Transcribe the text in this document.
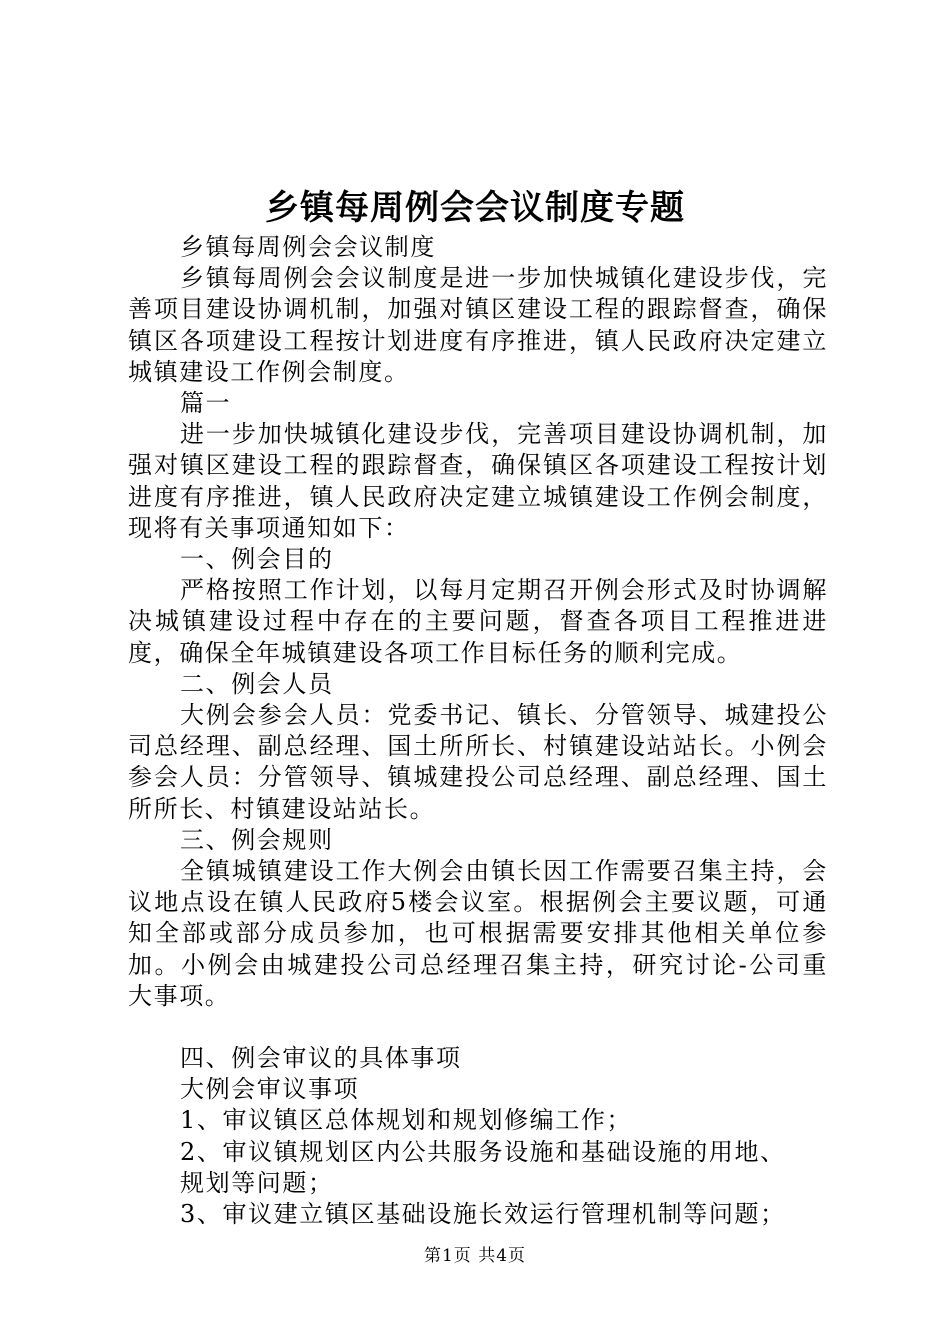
乡镇每周例会会议制度专题

乡镇每周例会会议制度

乡镇每周例会会议制度是进一步加快城镇化建设步伐，完善项目建设协调机制，加强对镇区建设工程的跟踪督查，确保镇区各项建设工程按计划进度有序推进，镇人民政府决定建立城镇建设工作例会制度。

篇一

进一步加快城镇化建设步伐，完善项目建设协调机制，加强对镇区建设工程的跟踪督查，确保镇区各项建设工程按计划进度有序推进，镇人民政府决定建立城镇建设工作例会制度，现将有关事项通知如下：

一、例会目的

严格按照工作计划，以每月定期召开例会形式及时协调解决城镇建设过程中存在的主要问题，督查各项目工程推进进度，确保全年城镇建设各项工作目标任务的顺利完成。

二、例会人员

大例会参会人员：党委书记、镇长、分管领导、城建投公司总经理、副总经理、国土所所长、村镇建设站站长。小例会参会人员：分管领导、镇城建投公司总经理、副总经理、国土所所长、村镇建设站站长。

三、例会规则

全镇城镇建设工作大例会由镇长因工作需要召集主持，会议地点设在镇人民政府5楼会议室。根据例会主要议题，可通知全部或部分成员参加，也可根据需要安排其他相关单位参加。小例会由城建投公司总经理召集主持，研究讨论-公司重大事项。

四、例会审议的具体事项

大例会审议事项

1、审议镇区总体规划和规划修编工作；

2、审议镇规划区内公共服务设施和基础设施的用地、

规划等问题；

3、审议建立镇区基础设施长效运行管理机制等问题；

第1页 共4页
